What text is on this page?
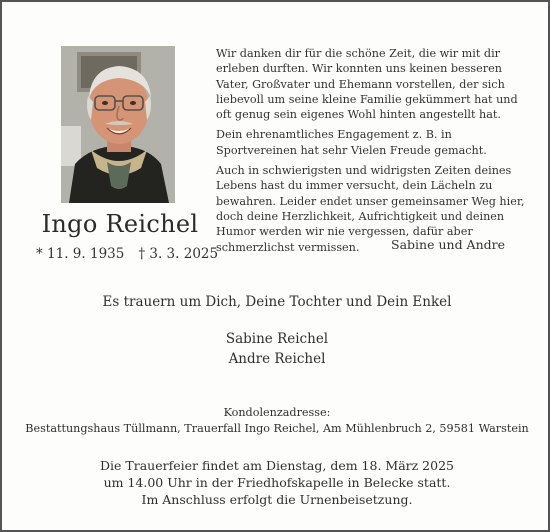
Ingo Reichel
* 11. 9. 1935 † 3. 3. 2025

Wir danken dir für die schöne Zeit, die wir mit dir erleben durften. Wir konnten uns keinen besseren Vater, Großvater und Ehemann vorstellen, der sich liebevoll um seine kleine Familie gekümmert hat und oft genug sein eigenes Wohl hinten angestellt hat.

Dein ehrenamtliches Engagement z. B. in Sportvereinen hat sehr Vielen Freude gemacht.

Auch in schwierigsten und widrigsten Zeiten deines Lebens hast du immer versucht, dein Lächeln zu bewahren. Leider endet unser gemeinsamer Weg hier, doch deine Herzlichkeit, Aufrichtigkeit und deinen Humor werden wir nie vergessen, dafür aber schmerzlichst vermissen.	Sabine und Andre
Es trauern um Dich, Deine Tochter und Dein Enkel
Sabine Reichel
Andre Reichel
Kondolenzadresse:
Bestattungshaus Tüllmann, Trauerfall Ingo Reichel, Am Mühlenbruch 2, 59581 Warstein
Die Trauerfeier findet am Dienstag, dem 18. März 2025
um 14.00 Uhr in der Friedhofskapelle in Belecke statt.
Im Anschluss erfolgt die Urnenbeisetzung.
